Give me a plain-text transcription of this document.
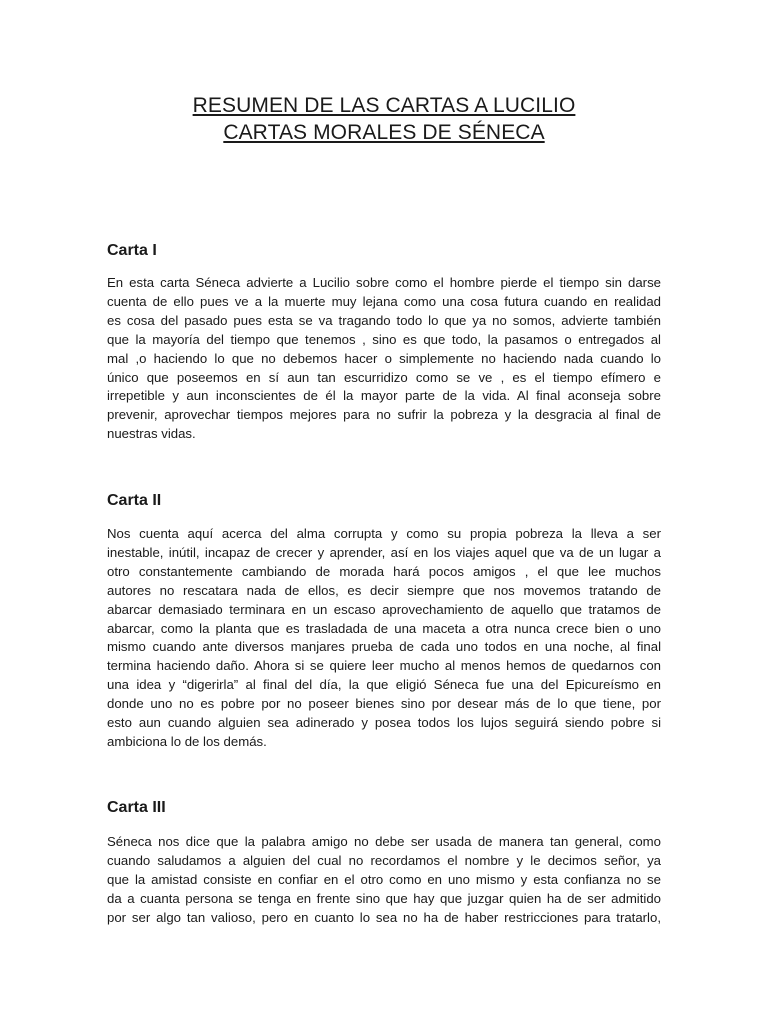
RESUMEN DE LAS CARTAS A LUCILIO
CARTAS MORALES DE SÉNECA
Carta I
En esta carta Séneca advierte a Lucilio sobre como el hombre pierde el tiempo sin darse
cuenta de ello pues ve a la muerte muy lejana como una cosa futura cuando en realidad
es cosa del pasado pues esta se va tragando todo lo que ya no somos, advierte también
que la mayoría del tiempo que tenemos , sino es que todo, la pasamos o entregados al
mal ,o haciendo lo que no debemos hacer o simplemente no haciendo nada cuando lo
único que poseemos en sí aun tan escurridizo como se ve , es el tiempo efímero e
irrepetible y aun inconscientes de él la mayor parte de la vida. Al final aconseja sobre
prevenir, aprovechar tiempos mejores para no sufrir la pobreza y la desgracia al final de
nuestras vidas.
Carta II
Nos cuenta aquí acerca del alma corrupta y como su propia pobreza la lleva a ser
inestable, inútil, incapaz de crecer y aprender, así en los viajes aquel que va de un lugar a
otro constantemente cambiando de morada hará pocos amigos , el que lee muchos
autores no rescatara nada de ellos, es decir siempre que nos movemos tratando de
abarcar demasiado terminara en un escaso aprovechamiento de aquello que tratamos de
abarcar, como la planta que es trasladada de una maceta a otra nunca crece bien o uno
mismo cuando ante diversos manjares prueba de cada uno todos en una noche, al final
termina haciendo daño. Ahora si se quiere leer mucho al menos hemos de quedarnos con
una idea y “digerirla” al final del día, la que eligió Séneca fue una del Epicureísmo en
donde uno no es pobre por no poseer bienes sino por desear más de lo que tiene, por
esto aun cuando alguien sea adinerado y posea todos los lujos seguirá siendo pobre si
ambiciona lo de los demás.
Carta III
Séneca nos dice que la palabra amigo no debe ser usada de manera tan general, como
cuando saludamos a alguien del cual no recordamos el nombre y le decimos señor, ya
que la amistad consiste en confiar en el otro como en uno mismo y esta confianza no se
da a cuanta persona se tenga en frente sino que hay que juzgar quien ha de ser admitido
por ser algo tan valioso, pero en cuanto lo sea no ha de haber restricciones para tratarlo,
